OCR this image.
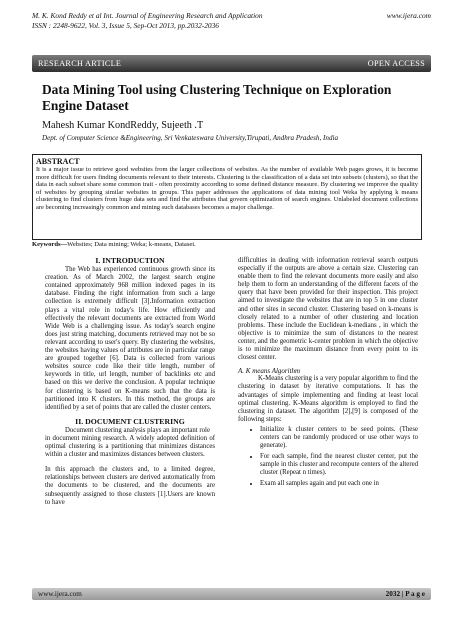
M. K. Kond Reddy et al Int. Journal of Engineering Research and Application	www.ijera.com
ISSN : 2248-9622, Vol. 3, Issue 5, Sep-Oct 2013, pp.2032-2036
RESEARCH ARTICLE	OPEN ACCESS
Data Mining Tool using Clustering Technique on Exploration Engine Dataset
Mahesh Kumar KondReddy, Sujeeth .T
Dept. of Computer Science &Engineering, Sri Venkateswara University,Tirupati, Andhra Pradesh, India
ABSTRACT

It is a major issue to retrieve good websites from the larger collections of websites. As the number of available Web pages grows, it is become more difficult for users finding documents relevant to their interests. Clustering is the classification of a data set into subsets (clusters), so that the data in each subset share some common trait - often proximity according to some defined distance measure. By clustering we improve the quality of websites by grouping similar websites in groups. This paper addresses the applications of data mining tool Weka by applying k means clustering to find clusters from huge data sets and find the attributes that govern optimization of search engines. Unlabeled document collections are becoming increasingly common and mining such databases becomes a major challenge.

Keywords—Websites; Data mining; Weka; k-means, Dataset.
I. INTRODUCTION

The Web has experienced continuous growth since its creation. As of March 2002, the largest search engine contained approximately 968 million indexed pages in its database. Finding the right information from such a large collection is extremely difficult [3].Information extraction plays a vital role in today's life. How efficiently and effectively the relevant documents are extracted from World Wide Web is a challenging issue. As today's search engine does just string matching, documents retrieved may not be so relevant according to user's query. By clustering the websites, the websites having values of attributes are in particular range are grouped together [6]. Data is collected from various websites source code like their title length, number of keywords in title, url length, number of backlinks etc and based on this we derive the conclusion. A popular technique for clustering is based on K-means such that the data is partitioned into K clusters. In this method, the groups are identified by a set of points that are called the cluster centers.

II. DOCUMENT CLUSTERING

Document clustering analysis plays an important role

in document mining research. A widely adopted definition of optimal clustering is a partitioning that minimizes distances within a cluster and maximizes distances between clusters.

In this approach the clusters and, to a limited degree, relationships between clusters are derived automatically from the documents to be clustered, and the documents are subsequently assigned to those clusters [1].Users are known to have

difficulties in dealing with information retrieval search outputs especially if the outputs are above a certain size. Clustering can enable them to find the relevant documents more easily and also help them to form an understanding of the different facets of the query that have been provided for their inspection. This project aimed to investigate the websites that are in top 5 in one cluster and other sites in second cluster. Clustering based on k-means is closely related to a number of other clustering and location problems. These include the Euclidean k-medians , in which the objective is to minimize the sum of distances to the nearest center, and the geometric k-center problem in which the objective is to minimize the maximum distance from every point to its closest center.

A. K means Algorithm

K-Means clustering is a very popular algorithm to find the clustering in dataset by iterative computations. It has the advantages of simple implementing and finding at least local optimal clustering. K-Means algorithm is employed to find the clustering in dataset. The algorithm [2],[9] is composed of the following steps:

• Initialize k cluster centers to be seed points. (These centers can be randomly produced or use other ways to generate).
• For each sample, find the nearest cluster center, put the sample in this cluster and recompute centers of the altered cluster (Repeat n times).
• Exam all samples again and put each one in
www.ijera.com	2032 | P a g e
